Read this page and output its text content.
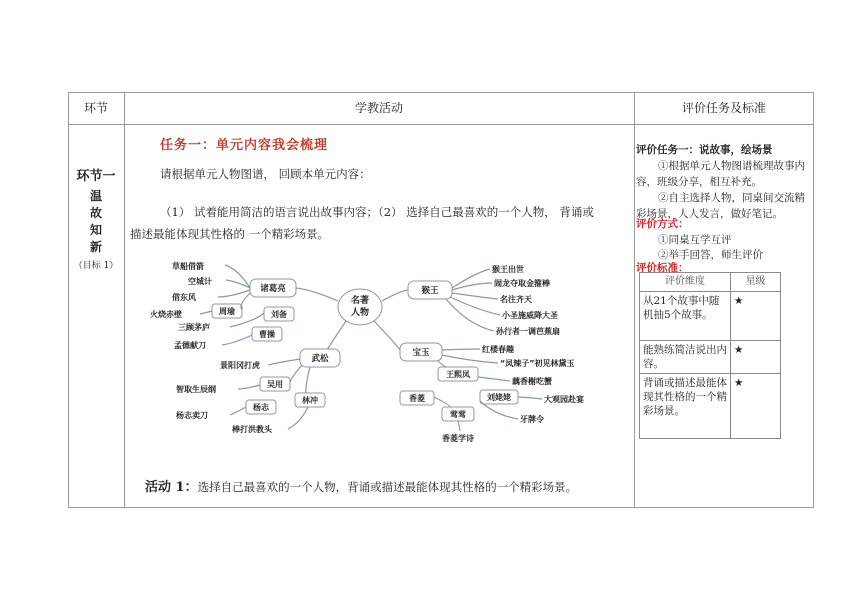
环节	学教活动	评价任务及标准
环节一
温
故
知
新
（目标 1）
任务一：单元内容我会梳理
请根据单元人物图谱， 回顾本单元内容：
（1） 试着能用简洁的语言说出故事内容；（2） 选择自己最喜欢的一个人物， 背诵或
描述最能体现其性格的 一个精彩场景。
名著
人物
诸葛亮	猴王
武松
宝玉
周瑜	刘备
曹操
吴用
杨志
林冲
王熙凤
刘姥姥
香菱
莺莺
草船借箭
空城计
借东风
火烧赤壁
三顾茅庐
孟德献刀
景阳冈打虎
智取生辰纲
杨志卖刀
棒打洪教头
猴王出世
闹龙夺取金箍棒
名注齐天
小圣施威降大圣
孙行者一调芭蕉扇
红楼春趣
“凤辣子”初见林黛玉
藕香榭吃蟹
大观园赴宴
牙牌令
香菱学诗
活动 1：选择自己最喜欢的一个人物，背诵或描述最能体现其性格的一个精彩场景。
评价任务一：说故事，绘场景
①根据单元人物图谱梳理故事内容，班级分享，相互补充。
②自主选择人物，同桌间交流精彩场景，人人发言，做好笔记。
评价方式：
①同桌互学互评
②举手回答，师生评价
评价标准：
评价维度	星级
从21个故事中随机抽5个故事。	★
能熟练简洁说出内容。	★
背诵或描述最能体现其性格的一个精彩场景。	★
